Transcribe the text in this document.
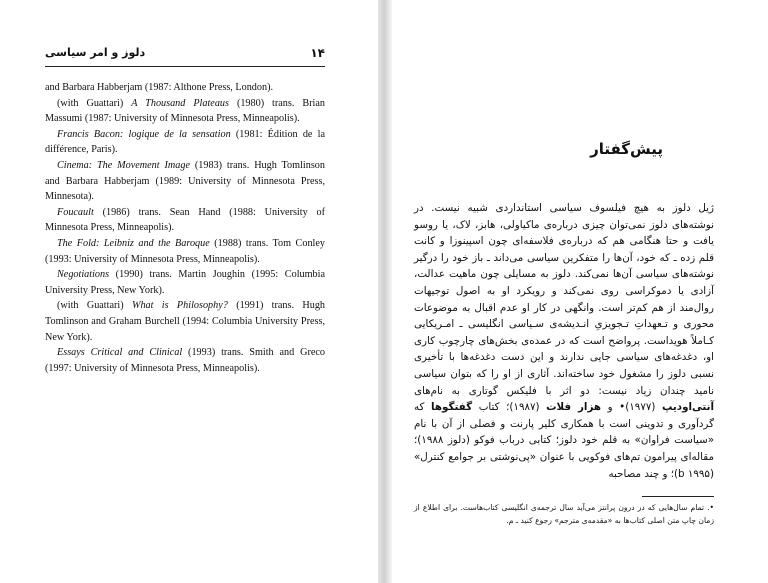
دلوز و امر سیاسی	۱۴

and Barbara Habberjam (1987: Althone Press, London).

(with Guattari) A Thousand Plateaus (1980) trans. Brian Massumi (1987: University of Minnesota Press, Minneapolis).

Francis Bacon: logique de la sensation (1981: Édition de la différence, Paris).

Cinema: The Movement Image (1983) trans. Hugh Tomlinson and Barbara Habberjam (1989: University of Minnesota Press, Minnesota).

Foucault (1986) trans. Sean Hand (1988: University of Minnesota Press, Minneapolis).

The Fold: Leibniz and the Baroque (1988) trans. Tom Conley (1993: University of Minnesota Press, Minneapolis).

Negotiations (1990) trans. Martin Joughin (1995: Columbia University Press, New York).

(with Guattari) What is Philosophy? (1991) trans. Hugh Tomlinson and Graham Burchell (1994: Columbia University Press, New York).

Essays Critical and Clinical (1993) trans. Smith and Greco (1997: University of Minnesota Press, Minneapolis).

پیش‌گفتار

ژیل دلوز به هیچ فیلسوف سیاسی استانداردی شبیه نیست. در نوشته‌های دلوز نمی‌توان چیزی درباره‌ی ماکیاولی، هابز، لاک، یا روسو یافت و حتا هنگامی هم که درباره‌ی فلاسفه‌ای چون اسپینوزا و کانت قلم زده ـ که خود، آن‌ها را متفکرین سیاسی می‌داند ـ باز خود را درگیر نوشته‌های سیاسی آن‌ها نمی‌کند. دلوز به مسایلی چون ماهیت عدالت، آزادی یا دموکراسی روی نمی‌کند و رویکرد او به اصول توجیهات روال‌مند از هم کم‌تر است. وانگهی در کار او عدم اقبال به موضوعات محوری و تـعهداتِ تـجویزیِ انـدیشه‌ی سـیاسی انگلیسی ـ امـریکایی کـاملاً هویداست. پرواضح است که در عمده‌ی بخش‌های چارچوب کاری او، دغدغه‌های سیاسی جایی ندارند و این دست دغدغه‌ها با تأخیری نسبی دلوز را مشغول خود ساخته‌اند. آثاری از او را که بتوان سیاسی نامید چندان زیاد نیست: دو اثر با فلیکس گوتاری به نام‌های آنتی‌اودیپ (۱۹۷۷)• و هزار فلات (۱۹۸۷)؛ کتاب گفتگوها که گردآوری و تدوینی است با همکاری کلیر پارنت و فصلی از آن با نام «سیاست فراوان» به قلم خود دلوز؛ کتابی درباب فوکو (دلوز ۱۹۸۸)؛ مقاله‌ای پیرامون تم‌های فوکویی با عنوان «پی‌نوشتی بر جوامع کنترل» (۱۹۹۵ b)؛ و چند مصاحبه

•. تمام سال‌هایی که در درون پرانتز می‌آید سال ترجمه‌ی انگلیسی کتاب‌هاست. برای اطلاع از زمان چاپ متن اصلی کتاب‌ها به «مقدمه‌ی مترجم» رجوع کنید ـ م.
